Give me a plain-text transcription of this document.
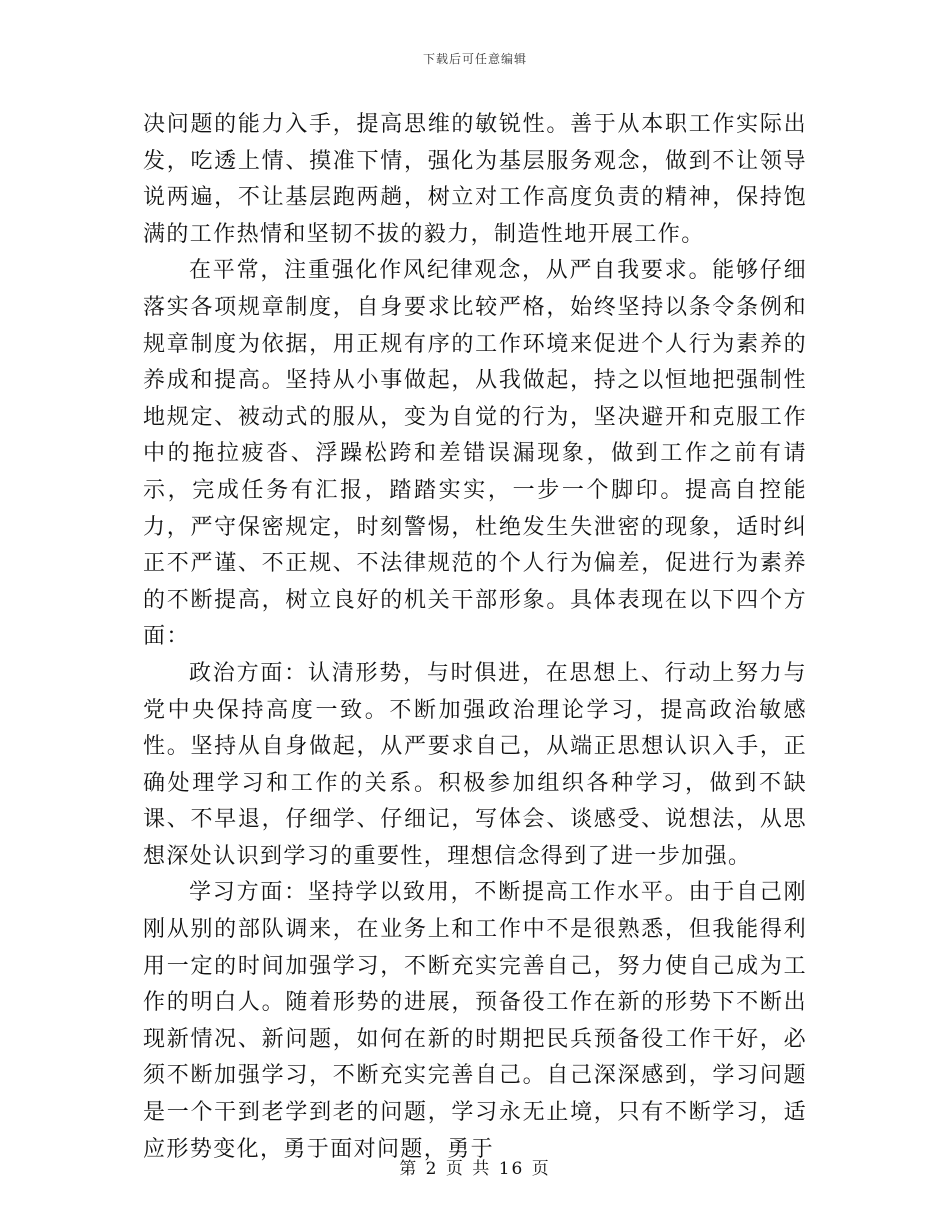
下载后可任意编辑

决问题的能力入手，提高思维的敏锐性。善于从本职工作实际出发，吃透上情、摸准下情，强化为基层服务观念，做到不让领导说两遍，不让基层跑两趟，树立对工作高度负责的精神，保持饱满的工作热情和坚韧不拔的毅力，制造性地开展工作。

在平常，注重强化作风纪律观念，从严自我要求。能够仔细落实各项规章制度，自身要求比较严格，始终坚持以条令条例和规章制度为依据，用正规有序的工作环境来促进个人行为素养的养成和提高。坚持从小事做起，从我做起，持之以恒地把强制性地规定、被动式的服从，变为自觉的行为，坚决避开和克服工作中的拖拉疲沓、浮躁松跨和差错误漏现象，做到工作之前有请示，完成任务有汇报，踏踏实实，一步一个脚印。提高自控能力，严守保密规定，时刻警惕，杜绝发生失泄密的现象，适时纠正不严谨、不正规、不法律规范的个人行为偏差，促进行为素养的不断提高，树立良好的机关干部形象。具体表现在以下四个方面：

政治方面：认清形势，与时俱进，在思想上、行动上努力与党中央保持高度一致。不断加强政治理论学习，提高政治敏感性。坚持从自身做起，从严要求自己，从端正思想认识入手，正确处理学习和工作的关系。积极参加组织各种学习，做到不缺课、不早退，仔细学、仔细记，写体会、谈感受、说想法，从思想深处认识到学习的重要性，理想信念得到了进一步加强。

学习方面：坚持学以致用，不断提高工作水平。由于自己刚刚从别的部队调来，在业务上和工作中不是很熟悉，但我能得利用一定的时间加强学习，不断充实完善自己，努力使自己成为工作的明白人。随着形势的进展，预备役工作在新的形势下不断出现新情况、新问题，如何在新的时期把民兵预备役工作干好，必须不断加强学习，不断充实完善自己。自己深深感到，学习问题是一个干到老学到老的问题，学习永无止境，只有不断学习，适应形势变化，勇于面对问题，勇于

第 2 页 共 16 页
